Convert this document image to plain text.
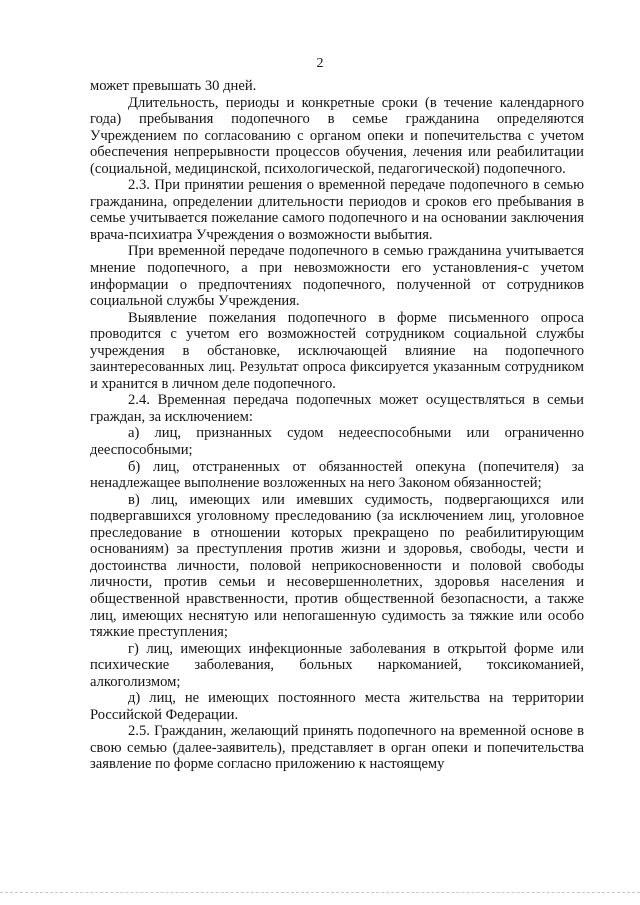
2

может превышать 30 дней.

Длительность, периоды и конкретные сроки (в течение календарного года) пребывания подопечного в семье гражданина определяются Учреждением по согласованию с органом опеки и попечительства с учетом обеспечения непрерывности процессов обучения, лечения или реабилитации (социальной, медицинской, психологической, педагогической) подопечного.

2.3. При принятии решения о временной передаче подопечного в семью гражданина, определении длительности периодов и сроков его пребывания в семье учитывается пожелание самого подопечного и на основании заключения врача-психиатра Учреждения о возможности выбытия.

При временной передаче подопечного в семью гражданина учитывается мнение подопечного, а при невозможности его установления-с учетом информации о предпочтениях подопечного, полученной от сотрудников социальной службы Учреждения.

Выявление пожелания подопечного в форме письменного опроса проводится с учетом его возможностей сотрудником социальной службы учреждения в обстановке, исключающей влияние на подопечного заинтересованных лиц. Результат опроса фиксируется указанным сотрудником и хранится в личном деле подопечного.

2.4. Временная передача подопечных может осуществляться в семьи граждан, за исключением:

а) лиц, признанных судом недееспособными или ограниченно дееспособными;

б) лиц, отстраненных от обязанностей опекуна (попечителя) за ненадлежащее выполнение возложенных на него Законом обязанностей;

в) лиц, имеющих или имевших судимость, подвергающихся или подвергавшихся уголовному преследованию (за исключением лиц, уголовное преследование в отношении которых прекращено по реабилитирующим основаниям) за преступления против жизни и здоровья, свободы, чести и достоинства личности, половой неприкосновенности и половой свободы личности, против семьи и несовершеннолетних, здоровья населения и общественной нравственности, против общественной безопасности, а также лиц, имеющих неснятую или непогашенную судимость за тяжкие или особо тяжкие преступления;

г) лиц, имеющих инфекционные заболевания в открытой форме или психические заболевания, больных наркоманией, токсикоманией, алкоголизмом;

д) лиц, не имеющих постоянного места жительства на территории Российской Федерации.

2.5. Гражданин, желающий принять подопечного на временной основе в свою семью (далее-заявитель), представляет в орган опеки и попечительства заявление по форме согласно приложению к настоящему
